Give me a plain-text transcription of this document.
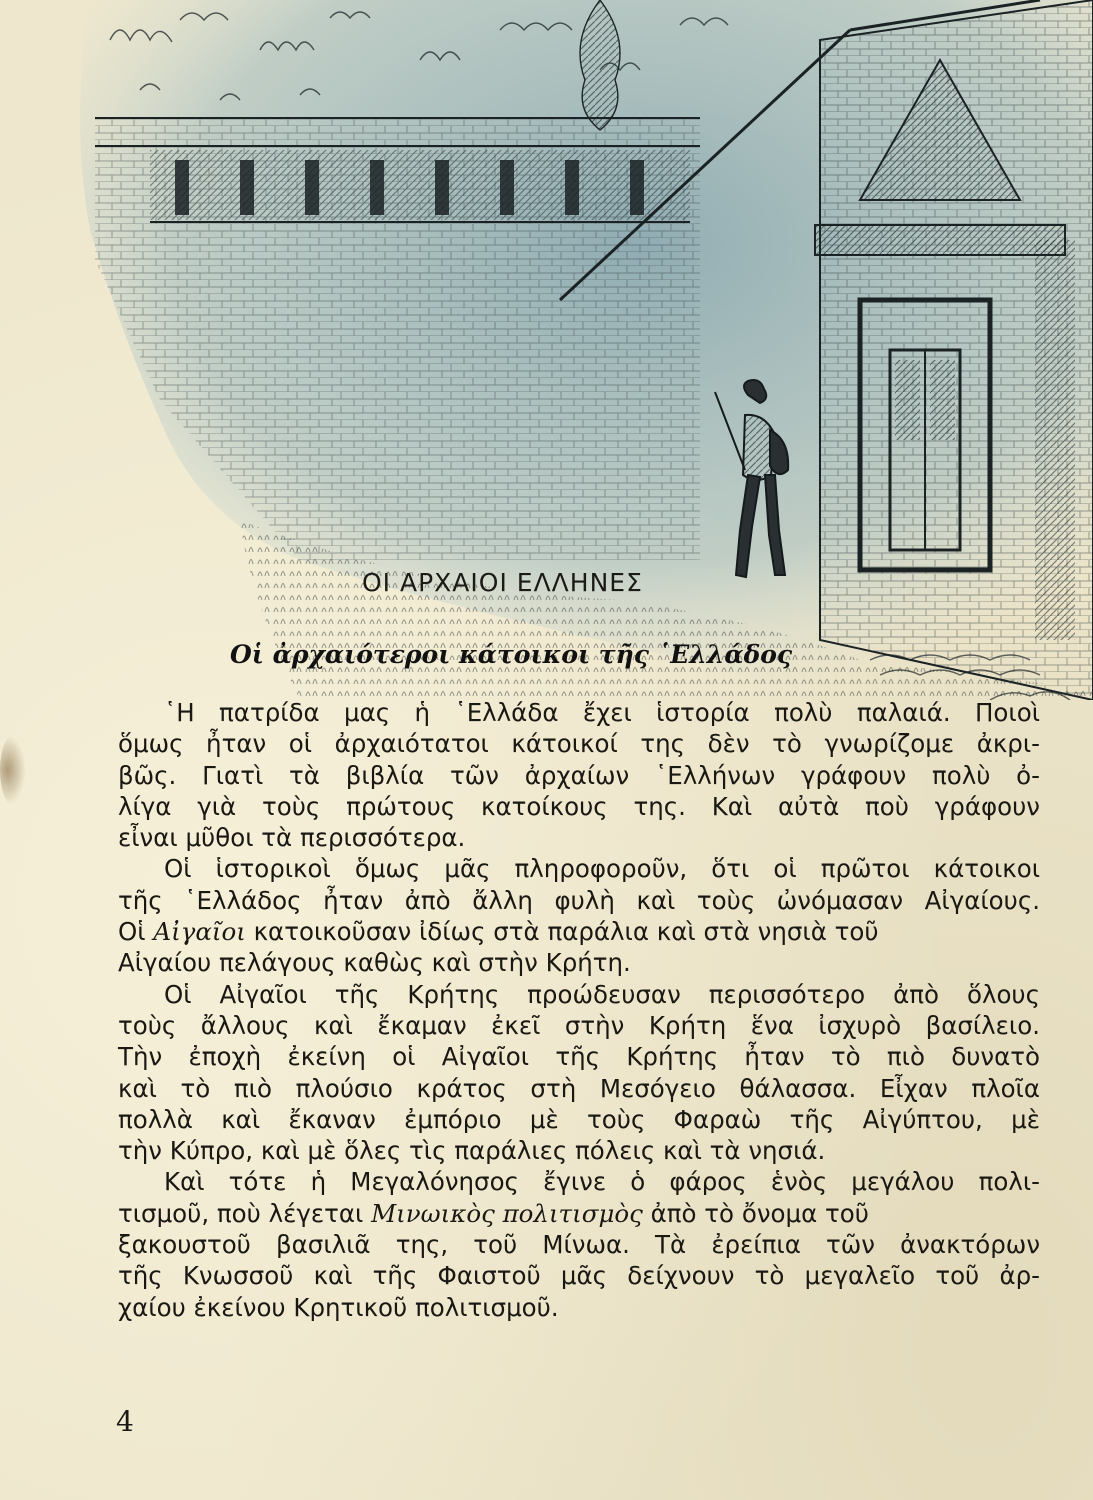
ΟΙ ΑΡΧΑΙΟΙ ΕΛΛΗΝΕΣ
Οἱ ἀρχαιότεροι κάτοικοι τῆς ῾Ελλάδος
῾Η πατρίδα μας ἡ ῾Ελλάδα ἔχει ἱστορία πολὺ παλαιά. Ποιοὶ
ὅμως ἦταν οἱ ἀρχαιότατοι κάτοικοί της δὲν τὸ γνωρίζομε ἀκρι-
βῶς. Γιατὶ τὰ βιβλία τῶν ἀρχαίων ῾Ελλήνων γράφουν πολὺ ὀ-
λίγα γιὰ τοὺς πρώτους κατοίκους της. Καὶ αὐτὰ ποὺ γράφουν
εἶναι μῦθοι τὰ περισσότερα.
Οἱ ἱστορικοὶ ὅμως μᾶς πληροφοροῦν, ὅτι οἱ πρῶτοι κάτοικοι
τῆς ῾Ελλάδος ἦταν ἀπὸ ἄλλη φυλὴ καὶ τοὺς ὠνόμασαν Αἰγαίους.
Οἱ Αἰγαῖοι κατοικοῦσαν ἰδίως στὰ παράλια καὶ στὰ νησιὰ τοῦ
Αἰγαίου πελάγους καθὼς καὶ στὴν Κρήτη.
Οἱ Αἰγαῖοι τῆς Κρήτης προώδευσαν περισσότερο ἀπὸ ὅλους
τοὺς ἄλλους καὶ ἔκαμαν ἐκεῖ στὴν Κρήτη ἕνα ἰσχυρὸ βασίλειο.
Τὴν ἐποχὴ ἐκείνη οἱ Αἰγαῖοι τῆς Κρήτης ἦταν τὸ πιὸ δυνατὸ
καὶ τὸ πιὸ πλούσιο κράτος στὴ Μεσόγειο θάλασσα. Εἶχαν πλοῖα
πολλὰ καὶ ἔκαναν ἐμπόριο μὲ τοὺς Φαραὼ τῆς Αἰγύπτου, μὲ
τὴν Κύπρο, καὶ μὲ ὅλες τὶς παράλιες πόλεις καὶ τὰ νησιά.
Καὶ τότε ἡ Μεγαλόνησος ἔγινε ὁ φάρος ἑνὸς μεγάλου πολι-
τισμοῦ, ποὺ λέγεται Μινωικὸς πολιτισμὸς ἀπὸ τὸ ὄνομα τοῦ
ξακουστοῦ βασιλιᾶ της, τοῦ Μίνωα. Τὰ ἐρείπια τῶν ἀνακτόρων
τῆς Κνωσσοῦ καὶ τῆς Φαιστοῦ μᾶς δείχνουν τὸ μεγαλεῖο τοῦ ἀρ-
χαίου ἐκείνου Κρητικοῦ πολιτισμοῦ.
4
